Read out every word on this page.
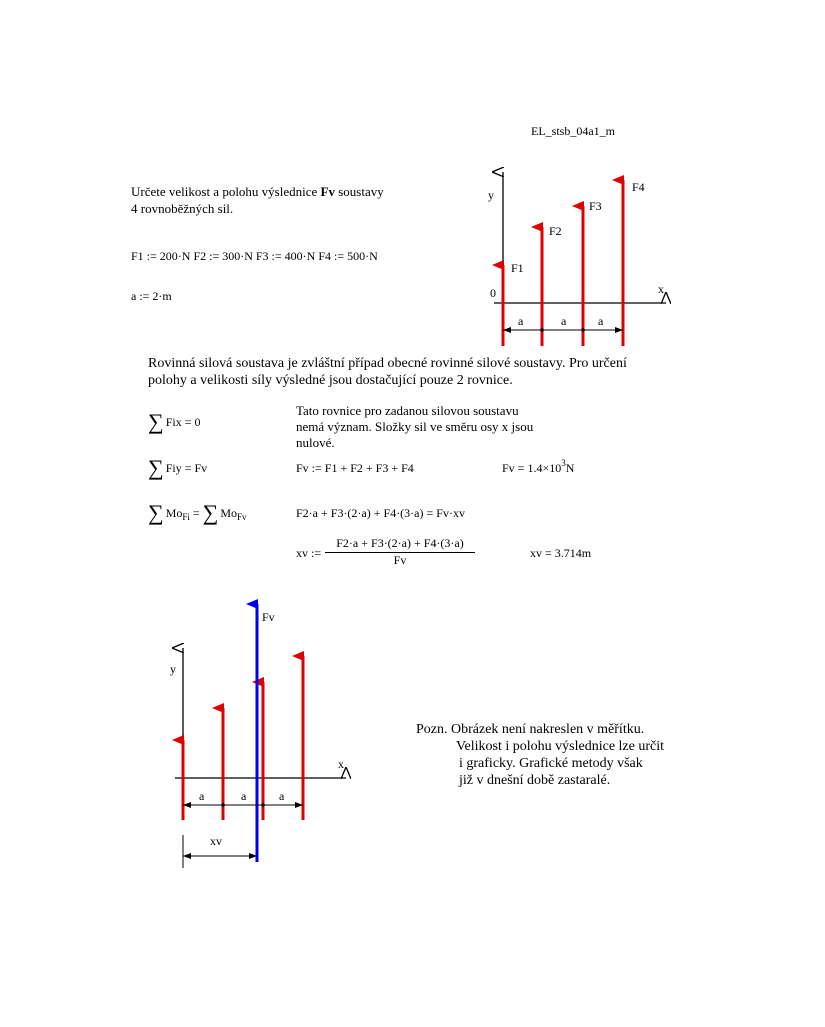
EL_stsb_04a1_m
Určete velikost a polohu výslednice Fv soustavy
4 rovnoběžných sil.
F1 := 200·N F2 := 300·N F3 := 400·N F4 := 500·N
a := 2·m
y
x
0
F1
F2
F3
F4
a	a	a
y
x
Fv
a	a	a
xv
Rovinná silová soustava je zvláštní případ obecné rovinné silové soustavy. Pro určení
polohy a velikosti síly výsledné jsou dostačující pouze 2 rovnice.
∑ Fix = 0
Tato rovnice pro zadanou silovou soustavu
nemá význam. Složky sil ve směru osy x jsou
nulové.
∑ Fiy = Fv	Fv := F1 + F2 + F3 + F4	$Fv = 1.4\times 10^3N$
∑ $Mo_{Fi}$ = ∑ $Mo_{Fv}$	F2·a + F3·(2·a) + F4·(3·a) = Fv·xv
xv := $\frac{F2\cdot a + F3\cdot(2\cdot a) + F4\cdot(3\cdot a)}{Fv}$	xv = 3.714m
Pozn. Obrázek není nakreslen v měřítku.
Velikost i polohu výslednice lze určit
i graficky. Grafické metody však
již v dnešní době zastaralé.
